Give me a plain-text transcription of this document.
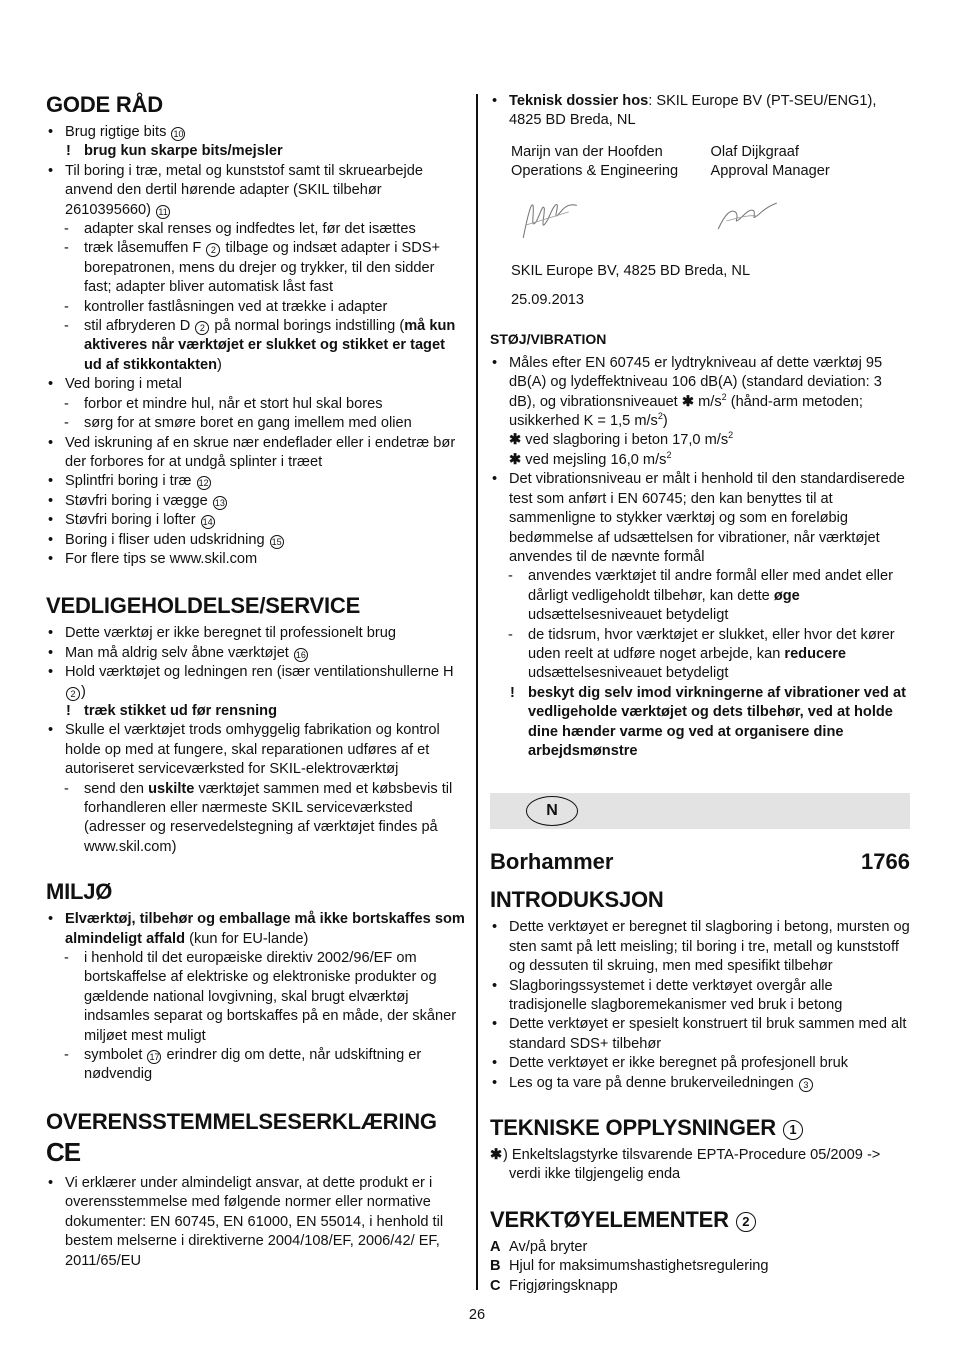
GODE RÅD
• Brug rigtige bits 10
! brug kun skarpe bits/mejsler
• Til boring i træ, metal og kunststof samt til skruearbejde anvend den dertil hørende adapter (SKIL tilbehør 2610395660) 11
- adapter skal renses og indfedtes let, før det isættes
- træk låsemuffen F 2 tilbage og indsæt adapter i SDS+ borepatronen, mens du drejer og trykker, til den sidder fast; adapter bliver automatisk låst fast
- kontroller fastlåsningen ved at trække i adapter
- stil afbryderen D 2 på normal borings indstilling (må kun aktiveres når værktøjet er slukket og stikket er taget ud af stikkontakten)
• Ved boring i metal
- forbor et mindre hul, når et stort hul skal bores
- sørg for at smøre boret en gang imellem med olien
• Ved iskruning af en skrue nær endeflader eller i endetræ bør der forbores for at undgå splinter i træet
• Splintfri boring i træ 12
• Støvfri boring i vægge 13
• Støvfri boring i lofter 14
• Boring i fliser uden udskridning 15
• For flere tips se www.skil.com
VEDLIGEHOLDELSE/SERVICE
• Dette værktøj er ikke beregnet til professionelt brug
• Man må aldrig selv åbne værktøjet 16
• Hold værktøjet og ledningen ren (især ventilationshullerne H 2 )
! træk stikket ud før rensning
• Skulle el værktøjet trods omhyggelig fabrikation og kontrol holde op med at fungere, skal reparationen udføres af et autoriseret serviceværksted for SKIL-elektroværktøj
- send den uskilte værktøjet sammen med et købsbevis til forhandleren eller nærmeste SKIL serviceværksted (adresser og reservedelstegning af værktøjet findes på www.skil.com)
MILJØ
• Elværktøj, tilbehør og emballage må ikke bortskaffes som almindeligt affald (kun for EU-lande)
- i henhold til det europæiske direktiv 2002/96/EF om bortskaffelse af elektriske og elektroniske produkter og gældende national lovgivning, skal brugt elværktøj indsamles separat og bortskaffes på en måde, der skåner miljøet mest muligt
- symbolet 17 erindrer dig om dette, når udskiftning er nødvendig
OVERENSSTEMMELSESERKLÆRING
CE
• Vi erklærer under almindeligt ansvar, at dette produkt er i overensstemmelse med følgende normer eller normative dokumenter: EN 60745, EN 61000, EN 55014, i henhold til bestem melserne i direktiverne 2004/108/EF, 2006/42/ EF, 2011/65/EU
• Teknisk dossier hos: SKIL Europe BV (PT-SEU/ENG1), 4825 BD Breda, NL
Marijn van der Hoofden
Operations & Engineering
Olaf Dijkgraaf
Approval Manager
SKIL Europe BV, 4825 BD Breda, NL
25.09.2013
STØJ/VIBRATION
• Måles efter EN 60745 er lydtrykniveau af dette værktøj 95 dB(A) og lydeffektniveau 106 dB(A) (standard deviation: 3 dB), og vibrationsniveauet ✱ $m/s^2$ (hånd-arm metoden; usikkerhed K = 1,5 $m/s^2$)
✱ ved slagboring i beton 17,0 $m/s^2$
✱ ved mejsling 16,0 $m/s^2$
• Det vibrationsniveau er målt i henhold til den standardiserede test som anført i EN 60745; den kan benyttes til at sammenligne to stykker værktøj og som en foreløbig bedømmelse af udsættelsen for vibrationer, når værktøjet anvendes til de nævnte formål
- anvendes værktøjet til andre formål eller med andet eller dårligt vedligeholdt tilbehør, kan dette øge udsættelsesniveauet betydeligt
- de tidsrum, hvor værktøjet er slukket, eller hvor det kører uden reelt at udføre noget arbejde, kan reducere udsættelsesniveauet betydeligt
! beskyt dig selv imod virkningerne af vibrationer ved at vedligeholde værktøjet og dets tilbehør, ved at holde dine hænder varme og ved at organisere dine arbejdsmønstre
N
Borhammer	1766
INTRODUKSJON
• Dette verktøyet er beregnet til slagboring i betong, mursten og sten samt på lett meisling; til boring i tre, metall og kunststoff og dessuten til skruing, men med spesifikt tilbehør
• Slagboringssystemet i dette verktøyet overgår alle tradisjonelle slagboremekanismer ved bruk i betong
• Dette verktøyet er spesielt konstruert til bruk sammen med alt standard SDS+ tilbehør
• Dette verktøyet er ikke beregnet på profesjonell bruk
• Les og ta vare på denne brukerveiledningen 3
TEKNISKE OPPLYSNINGER 1
✱ ) Enkeltslagstyrke tilsvarende EPTA-Procedure 05/2009 -> verdi ikke tilgjengelig enda
VERKTØYELEMENTER 2
A Av/på bryter
B Hjul for maksimumshastighetsregulering
C Frigjøringsknapp
26
